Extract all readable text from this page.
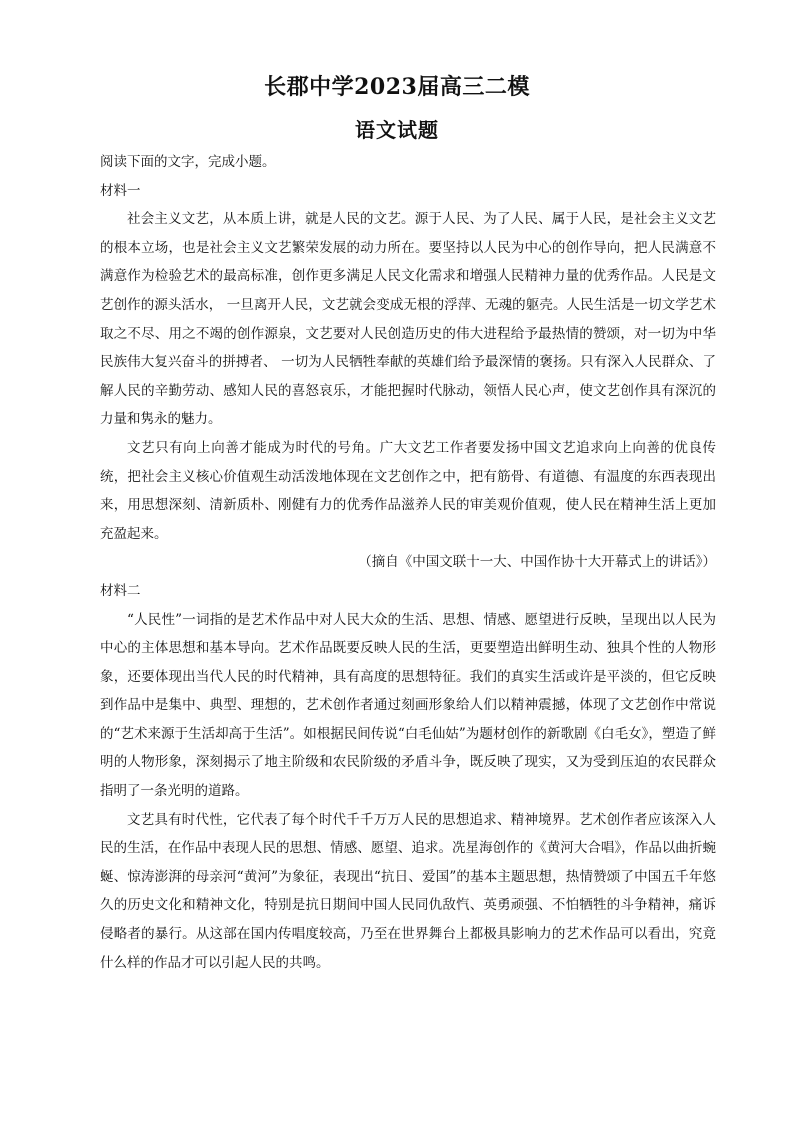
长郡中学2023届高三二模
语文试题

阅读下面的文字，完成小题。

材料一

社会主义文艺，从本质上讲，就是人民的文艺。源于人民、为了人民、属于人民，是社会主义文艺的根本立场，也是社会主义文艺繁荣发展的动力所在。要坚持以人民为中心的创作导向，把人民满意不满意作为检验艺术的最高标准，创作更多满足人民文化需求和增强人民精神力量的优秀作品。人民是文艺创作的源头活水， 一旦离开人民，文艺就会变成无根的浮萍、无魂的躯壳。人民生活是一切文学艺术取之不尽、用之不竭的创作源泉，文艺要对人民创造历史的伟大进程给予最热情的赞颂，对一切为中华民族伟大复兴奋斗的拼搏者、 一切为人民牺牲奉献的英雄们给予最深情的褒扬。只有深入人民群众、了解人民的辛勤劳动、感知人民的喜怒哀乐，才能把握时代脉动，领悟人民心声，使文艺创作具有深沉的力量和隽永的魅力。

文艺只有向上向善才能成为时代的号角。广大文艺工作者要发扬中国文艺追求向上向善的优良传统，把社会主义核心价值观生动活泼地体现在文艺创作之中，把有筋骨、有道德、有温度的东西表现出来，用思想深刻、清新质朴、刚健有力的优秀作品滋养人民的审美观价值观，使人民在精神生活上更加充盈起来。

（摘自《中国文联十一大、中国作协十大开幕式上的讲话》）

材料二

“人民性”一词指的是艺术作品中对人民大众的生活、思想、情感、愿望进行反映，呈现出以人民为中心的主体思想和基本导向。艺术作品既要反映人民的生活，更要塑造出鲜明生动、独具个性的人物形象，还要体现出当代人民的时代精神，具有高度的思想特征。我们的真实生活或许是平淡的，但它反映到作品中是集中、典型、理想的，艺术创作者通过刻画形象给人们以精神震撼，体现了文艺创作中常说的“艺术来源于生活却高于生活”。如根据民间传说“白毛仙姑”为题材创作的新歌剧《白毛女》，塑造了鲜明的人物形象，深刻揭示了地主阶级和农民阶级的矛盾斗争，既反映了现实，又为受到压迫的农民群众指明了一条光明的道路。

文艺具有时代性，它代表了每个时代千千万万人民的思想追求、精神境界。艺术创作者应该深入人民的生活，在作品中表现人民的思想、情感、愿望、追求。冼星海创作的《黄河大合唱》，作品以曲折蜿蜒、惊涛澎湃的母亲河“黄河”为象征，表现出“抗日、爱国”的基本主题思想，热情赞颂了中国五千年悠久的历史文化和精神文化，特别是抗日期间中国人民同仇敌忾、英勇顽强、不怕牺牲的斗争精神，痛诉侵略者的暴行。从这部在国内传唱度较高，乃至在世界舞台上都极具影响力的艺术作品可以看出，究竟什么样的作品才可以引起人民的共鸣。
